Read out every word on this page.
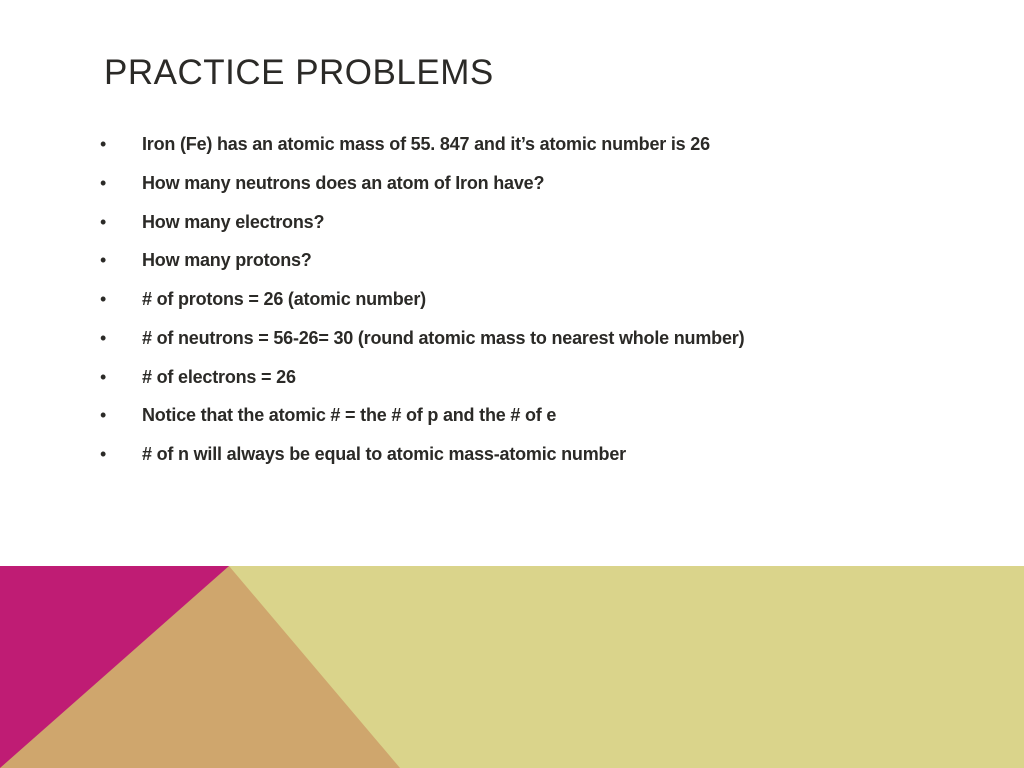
PRACTICE PROBLEMS
• Iron (Fe) has an atomic mass of 55. 847 and it’s atomic number is 26
• How many neutrons does an atom of Iron have?
• How many electrons?
• How many protons?
• # of protons = 26 (atomic number)
• # of neutrons = 56-26= 30 (round atomic mass to nearest whole number)
• # of electrons = 26
• Notice that the atomic # = the # of p and the # of e
• # of n will always be equal to atomic mass-atomic number
